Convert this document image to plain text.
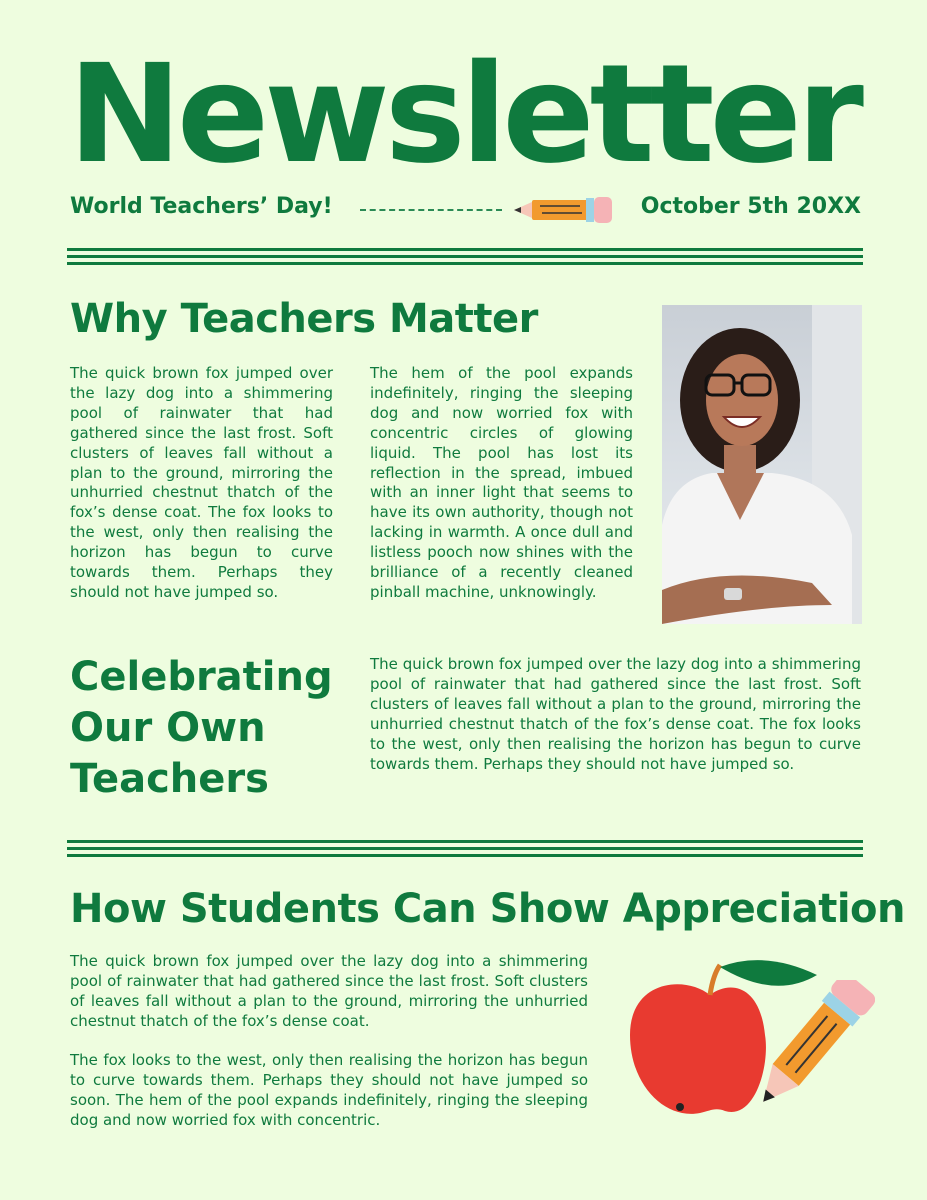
Newsletter
World Teachers’ Day!	October 5th 20XX
Why Teachers Matter

The quick brown fox jumped over the lazy dog into a shimmering pool of rainwater that had gathered since the last frost. Soft clusters of leaves fall without a plan to the ground, mirroring the unhurried chestnut thatch of the fox’s dense coat. The fox looks to the west, only then realising the horizon has begun to curve towards them. Perhaps they should not have jumped so.

The hem of the pool expands indefinitely, ringing the sleeping dog and now worried fox with concentric circles of glowing liquid. The pool has lost its reflection in the spread, imbued with an inner light that seems to have its own authority, though not lacking in warmth. A once dull and listless pooch now shines with the brilliance of a recently cleaned pinball machine, unknowingly.

Celebrating Our Own Teachers

The quick brown fox jumped over the lazy dog into a shimmering pool of rainwater that had gathered since the last frost. Soft clusters of leaves fall without a plan to the ground, mirroring the unhurried chestnut thatch of the fox’s dense coat. The fox looks to the west, only then realising the horizon has begun to curve towards them. Perhaps they should not have jumped so.

How Students Can Show Appreciation

The quick brown fox jumped over the lazy dog into a shimmering pool of rainwater that had gathered since the last frost. Soft clusters of leaves fall without a plan to the ground, mirroring the unhurried chestnut thatch of the fox’s dense coat.

The fox looks to the west, only then realising the horizon has begun to curve towards them. Perhaps they should not have jumped so soon. The hem of the pool expands indefinitely, ringing the sleeping dog and now worried fox with concentric.
